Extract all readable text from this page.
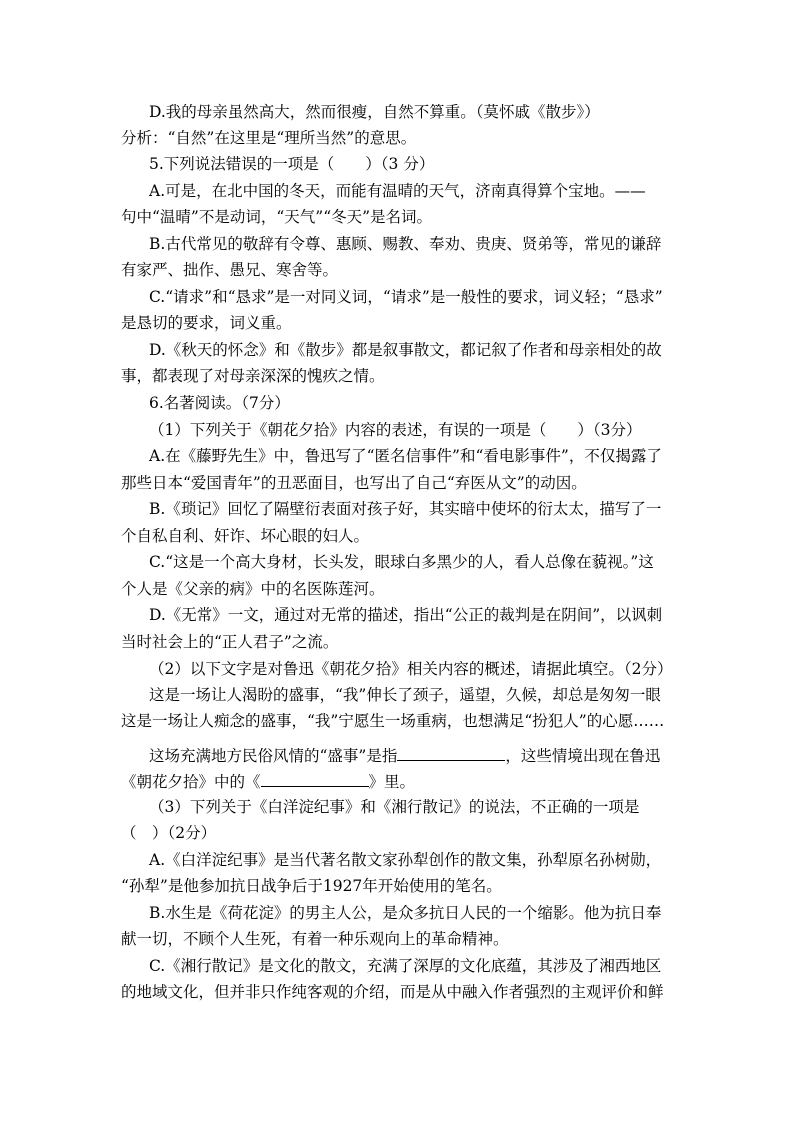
D.我的母亲虽然高大，然而很瘦，自然不算重。（莫怀戚《散步》）
分析：“自然”在这里是“理所当然”的意思。
5.下列说法错误的一项是（　　）（3 分）
A.可是，在北中国的冬天，而能有温晴的天气，济南真得算个宝地。——
句中“温晴”不是动词，“天气”“冬天”是名词。
B.古代常见的敬辞有令尊、惠顾、赐教、奉劝、贵庚、贤弟等，常见的谦辞
有家严、拙作、愚兄、寒舍等。
C.“请求”和“恳求”是一对同义词，“请求”是一般性的要求，词义轻；“恳求”
是恳切的要求，词义重。
D.《秋天的怀念》和《散步》都是叙事散文，都记叙了作者和母亲相处的故
事，都表现了对母亲深深的愧疚之情。
6.名著阅读。（7分）
（1）下列关于《朝花夕拾》内容的表述，有误的一项是（　　）（3分）
A.在《藤野先生》中，鲁迅写了“匿名信事件”和“看电影事件”，不仅揭露了
那些日本“爱国青年”的丑恶面目，也写出了自己“弃医从文”的动因。
B.《琐记》回忆了隔壁衍表面对孩子好，其实暗中使坏的衍太太，描写了一
个自私自利、奸诈、坏心眼的妇人。
C.“这是一个高大身材，长头发，眼球白多黑少的人，看人总像在藐视。”这
个人是《父亲的病》中的名医陈莲河。
D.《无常》一文，通过对无常的描述，指出“公正的裁判是在阴间”，以讽刺
当时社会上的“正人君子”之流。
（2）以下文字是对鲁迅《朝花夕拾》相关内容的概述，请据此填空。（2分）
这是一场让人渴盼的盛事，“我”伸长了颈子，遥望，久候，却总是匆匆一眼
这是一场让人痴念的盛事，“我”宁愿生一场重病，也想满足“扮犯人”的心愿……
这场充满地方民俗风情的“盛事”是指	，这些情境出现在鲁迅
《朝花夕拾》中的《	》里。
（3）下列关于《白洋淀纪事》和《湘行散记》的说法，不正确的一项是
（　）（2分）
A.《白洋淀纪事》是当代著名散文家孙犁创作的散文集，孙犁原名孙树勋，
“孙犁”是他参加抗日战争后于1927年开始使用的笔名。
B.水生是《荷花淀》的男主人公，是众多抗日人民的一个缩影。他为抗日奉
献一切，不顾个人生死，有着一种乐观向上的革命精神。
C.《湘行散记》是文化的散文，充满了深厚的文化底蕴，其涉及了湘西地区
的地域文化，但并非只作纯客观的介绍，而是从中融入作者强烈的主观评价和鲜
